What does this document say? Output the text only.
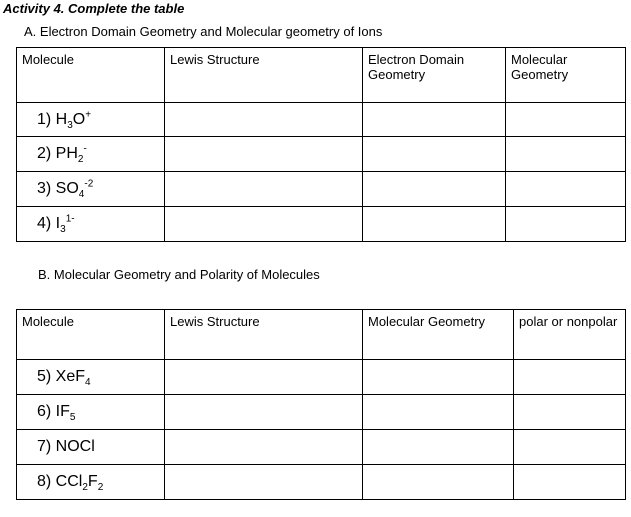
Activity 4. Complete the table
A. Electron Domain Geometry and Molecular geometry of Ions
Molecule	Lewis Structure	Electron Domain Geometry	Molecular Geometry
1) $H_3O^+$			
2) $PH_2^-$			
3) $SO_4^{-2}$			
4) $I_3^{1-}$			
B. Molecular Geometry and Polarity of Molecules
Molecule	Lewis Structure	Molecular Geometry	polar or nonpolar
5) XeF$_4$			
6) $IF_5$			
7) NOCl			
8) $CCl_2F_2$			
